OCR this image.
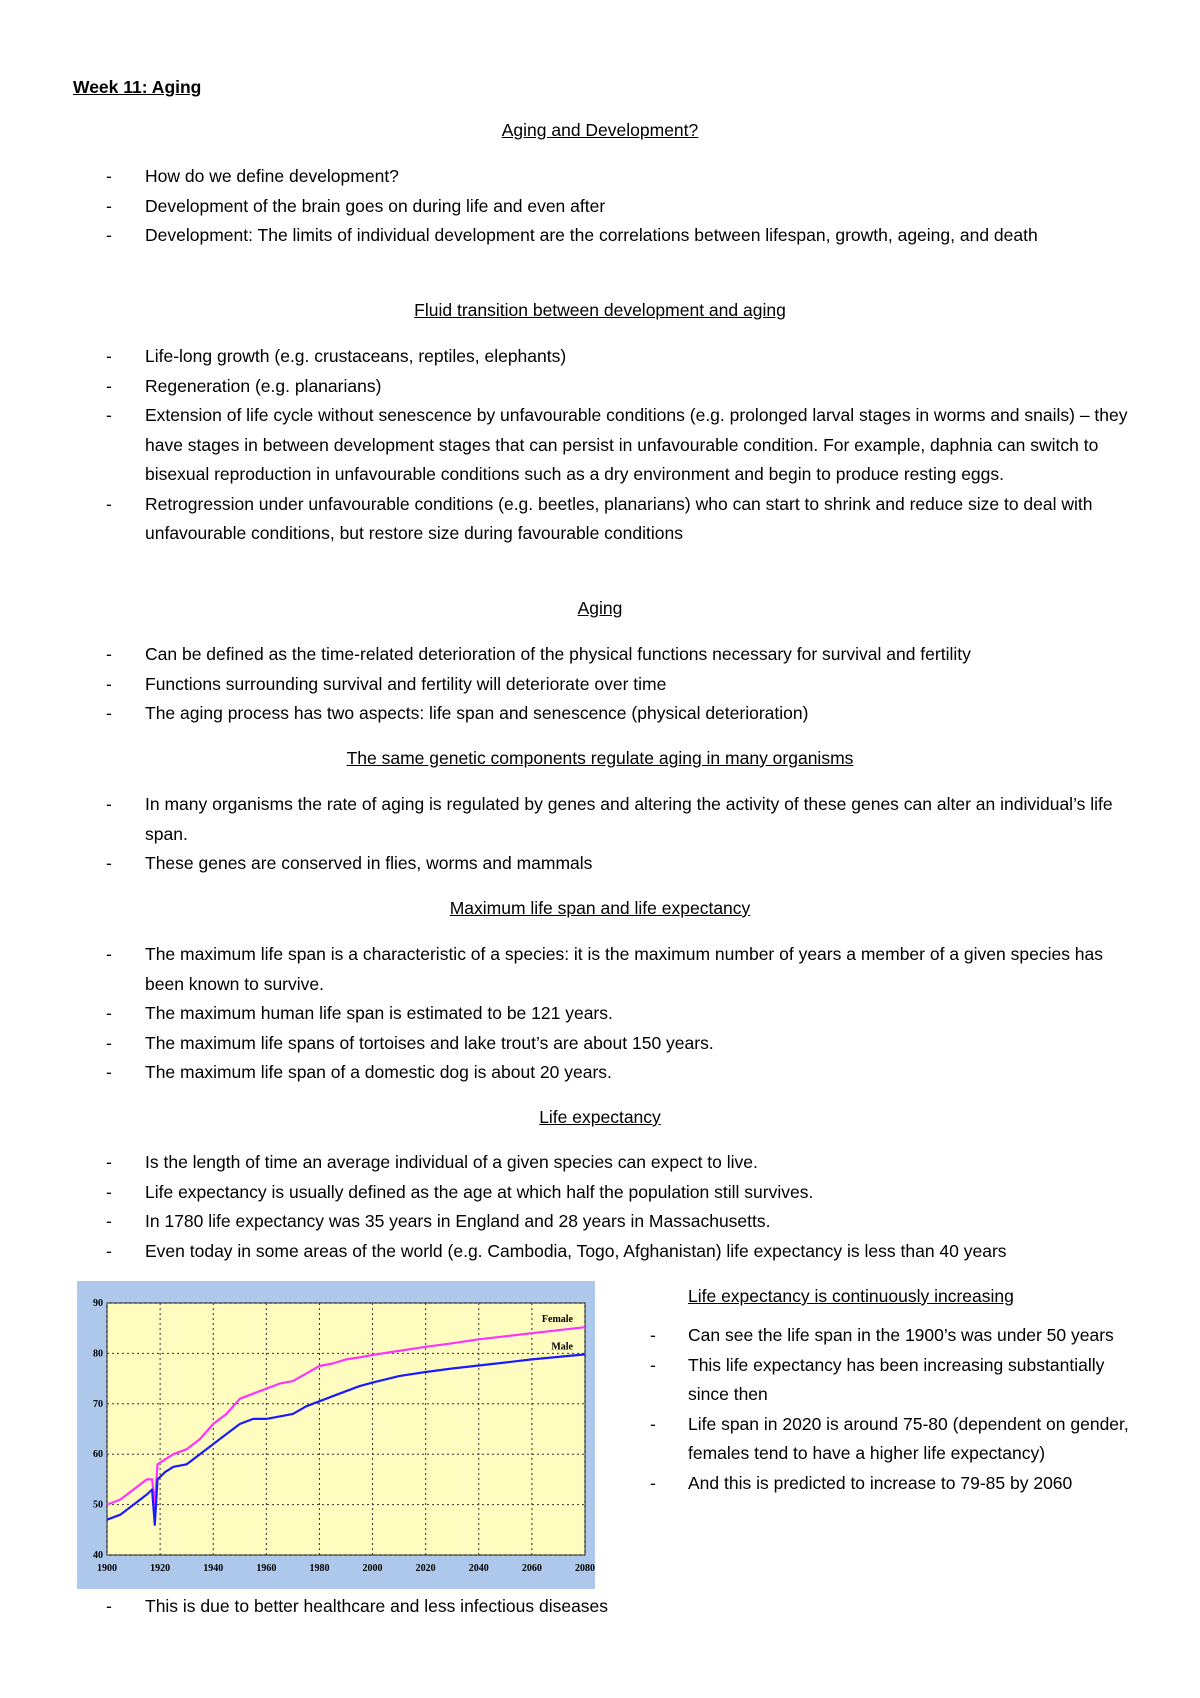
Week 11: Aging
Aging and Development?
- How do we define development?
- Development of the brain goes on during life and even after
- Development: The limits of individual development are the correlations between lifespan, growth, ageing, and death
Fluid transition between development and aging
- Life-long growth (e.g. crustaceans, reptiles, elephants)
- Regeneration (e.g. planarians)
- Extension of life cycle without senescence by unfavourable conditions (e.g. prolonged larval stages in worms and snails) – they have stages in between development stages that can persist in unfavourable condition. For example, daphnia can switch to bisexual reproduction in unfavourable conditions such as a dry environment and begin to produce resting eggs.
- Retrogression under unfavourable conditions (e.g. beetles, planarians) who can start to shrink and reduce size to deal with unfavourable conditions, but restore size during favourable conditions
Aging
- Can be defined as the time-related deterioration of the physical functions necessary for survival and fertility
- Functions surrounding survival and fertility will deteriorate over time
- The aging process has two aspects: life span and senescence (physical deterioration)
The same genetic components regulate aging in many organisms
- In many organisms the rate of aging is regulated by genes and altering the activity of these genes can alter an individual’s life span.
- These genes are conserved in flies, worms and mammals
Maximum life span and life expectancy
- The maximum life span is a characteristic of a species: it is the maximum number of years a member of a given species has been known to survive.
- The maximum human life span is estimated to be 121 years.
- The maximum life spans of tortoises and lake trout’s are about 150 years.
- The maximum life span of a domestic dog is about 20 years.
Life expectancy
- Is the length of time an average individual of a given species can expect to live.
- Life expectancy is usually defined as the age at which half the population still survives.
- In 1780 life expectancy was 35 years in England and 28 years in Massachusetts.
- Even today in some areas of the world (e.g. Cambodia, Togo, Afghanistan) life expectancy is less than 40 years
1900	1920	1940	1960	1980	2000	2020	2040	2060	2080
40
50
60
70
80
90
Female
Male
Life expectancy is continuously increasing
- Can see the life span in the 1900’s was under 50 years
- This life expectancy has been increasing substantially since then
- Life span in 2020 is around 75-80 (dependent on gender, females tend to have a higher life expectancy)
- And this is predicted to increase to 79-85 by 2060
- This is due to better healthcare and less infectious diseases
